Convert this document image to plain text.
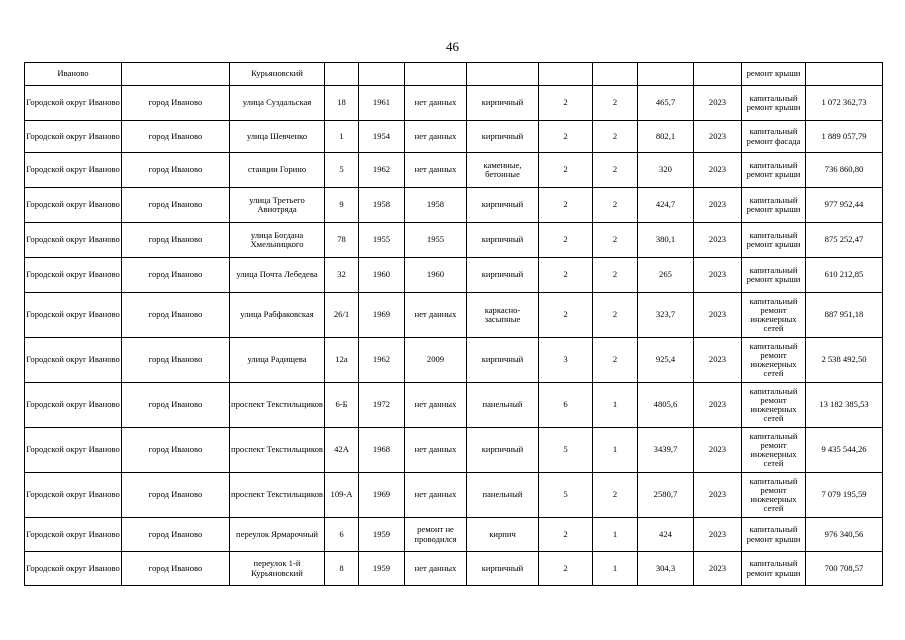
46
Иваново		Курьяновский									ремонт крыши	
Городской округ Иваново	город Иваново	улица Суздальская	18	1961	нет данных	кирпичный	2	2	465,7	2023	капитальный ремонт крыши	1 072 362,73
Городской округ Иваново	город Иваново	улица Шевченко	1	1954	нет данных	кирпичный	2	2	802,1	2023	капитальный ремонт фасада	1 889 057,79
Городской округ Иваново	город Иваново	станции Горино	5	1962	нет данных	каменные, бетонные	2	2	320	2023	капитальный ремонт крыши	736 860,80
Городской округ Иваново	город Иваново	улица Третьего Авиотряда	9	1958	1958	кирпичный	2	2	424,7	2023	капитальный ремонт крыши	977 952,44
Городской округ Иваново	город Иваново	улица Богдана Хмельницкого	78	1955	1955	кирпичный	2	2	380,1	2023	капитальный ремонт крыши	875 252,47
Городской округ Иваново	город Иваново	улица Почта Лебедева	32	1960	1960	кирпичный	2	2	265	2023	капитальный ремонт крыши	610 212,85
Городской округ Иваново	город Иваново	улица Рабфаковская	26/1	1969	нет данных	каркасно-засыпные	2	2	323,7	2023	капитальный ремонт инженерных сетей	887 951,18
Городской округ Иваново	город Иваново	улица Радищева	12а	1962	2009	кирпичный	3	2	925,4	2023	капитальный ремонт инженерных сетей	2 538 492,50
Городской округ Иваново	город Иваново	проспект Текстильщиков	6-Б	1972	нет данных	панельный	6	1	4805,6	2023	капитальный ремонт инженерных сетей	13 182 385,53
Городской округ Иваново	город Иваново	проспект Текстильщиков	42А	1968	нет данных	кирпичный	5	1	3439,7	2023	капитальный ремонт инженерных сетей	9 435 544,26
Городской округ Иваново	город Иваново	проспект Текстильщиков	109-А	1969	нет данных	панельный	5	2	2580,7	2023	капитальный ремонт инженерных сетей	7 079 195,59
Городской округ Иваново	город Иваново	переулок Ярмарочный	6	1959	ремонт не проводился	кирпич	2	1	424	2023	капитальный ремонт крыши	976 340,56
Городской округ Иваново	город Иваново	переулок 1-й Курьяновский	8	1959	нет данных	кирпичный	2	1	304,3	2023	капитальный ремонт крыши	700 708,57
